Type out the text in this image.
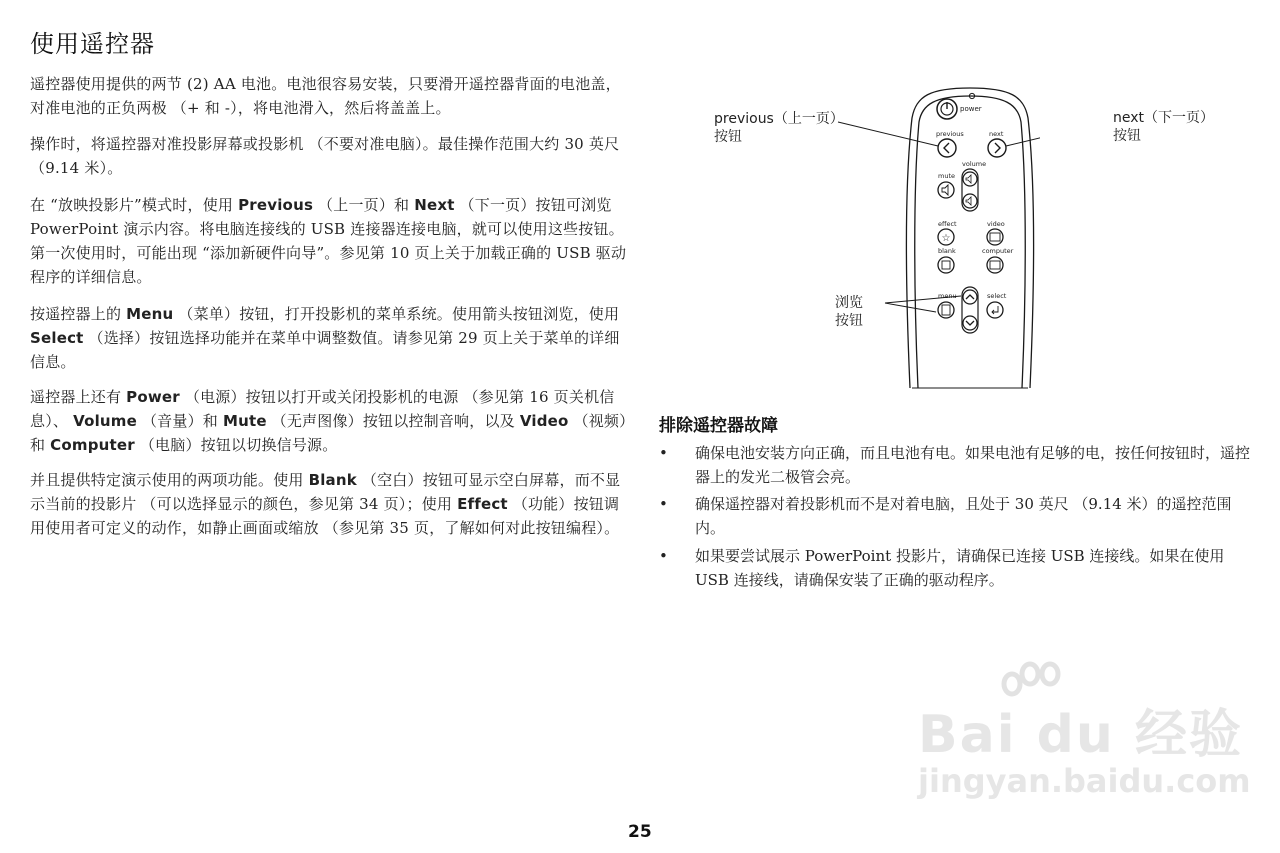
使用遥控器

遥控器使用提供的两节 (2) AA 电池。电池很容易安装，只要滑开遥控器背面的电池盖，对准电池的正负两极 （+ 和 -），将电池滑入，然后将盖盖上。

操作时，将遥控器对准投影屏幕或投影机 （不要对准电脑）。最佳操作范围大约 30 英尺 （9.14 米）。

在 “放映投影片”模式时，使用 Previous （上一页）和 Next （下一页）按钮可浏览 PowerPoint 演示内容。将电脑连接线的 USB 连接器连接电脑，就可以使用这些按钮。第一次使用时，可能出现 “添加新硬件向导”。参见第 10 页上关于加载正确的 USB 驱动程序的详细信息。

按遥控器上的 Menu （菜单）按钮，打开投影机的菜单系统。使用箭头按钮浏览，使用 Select （选择）按钮选择功能并在菜单中调整数值。请参见第 29 页上关于菜单的详细信息。

遥控器上还有 Power （电源）按钮以打开或关闭投影机的电源 （参见第 16 页关机信息）、 Volume （音量）和 Mute （无声图像）按钮以控制音响，以及 Video （视频）和 Computer （电脑）按钮以切换信号源。

并且提供特定演示使用的两项功能。使用 Blank （空白）按钮可显示空白屏幕，而不显示当前的投影片 （可以选择显示的颜色，参见第 34 页）；使用 Effect （功能）按钮调用使用者可定义的动作，如静止画面或缩放 （参见第 35 页，了解如何对此按钮编程）。

power
previous	next
volume
mute
effect
☆
video
blank	computer
menu	select
previous（上一页）
按钮
next（下一页）
按钮
浏览
按钮
排除遥控器故障
• 确保电池安装方向正确，而且电池有电。如果电池有足够的电，按任何按钮时，遥控器上的发光二极管会亮。
• 确保遥控器对着投影机而不是对着电脑，且处于 30 英尺 （9.14 米）的遥控范围内。
• 如果要尝试展示 PowerPoint 投影片，请确保已连接 USB 连接线。如果在使用 USB 连接线，请确保安装了正确的驱动程序。
Bai du 经验
jingyan.baidu.com
25
